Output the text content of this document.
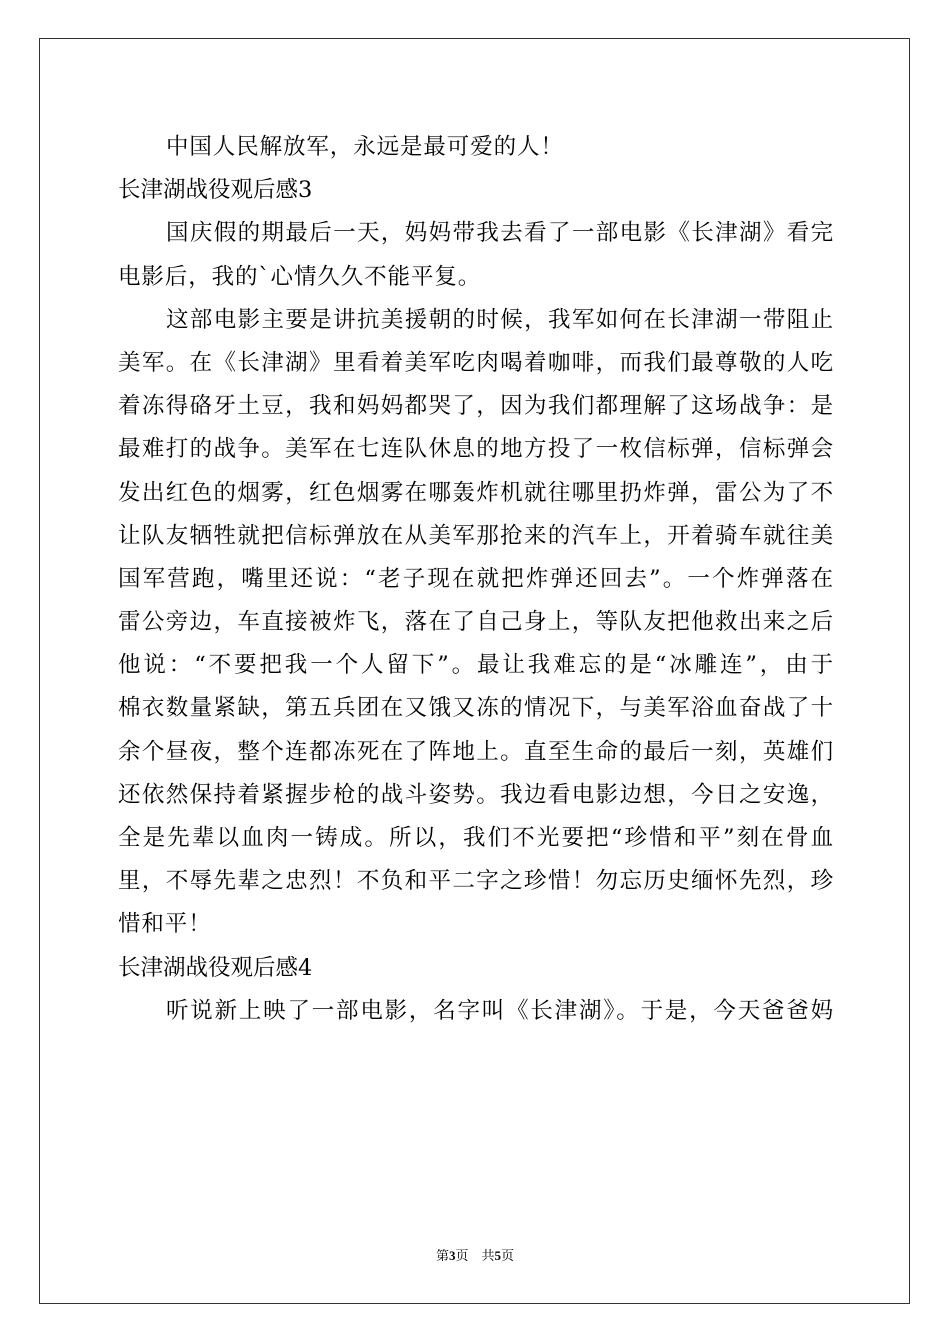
中国人民解放军，永远是最可爱的人！
长津湖战役观后感3
国庆假的期最后一天，妈妈带我去看了一部电影《长津湖》看完
电影后，我的`心情久久不能平复。
这部电影主要是讲抗美援朝的时候，我军如何在长津湖一带阻止
美军。在《长津湖》里看着美军吃肉喝着咖啡，而我们最尊敬的人吃
着冻得硌牙土豆，我和妈妈都哭了，因为我们都理解了这场战争：是
最难打的战争。美军在七连队休息的地方投了一枚信标弹，信标弹会
发出红色的烟雾，红色烟雾在哪轰炸机就往哪里扔炸弹，雷公为了不
让队友牺牲就把信标弹放在从美军那抢来的汽车上，开着骑车就往美
国军营跑，嘴里还说：“老子现在就把炸弹还回去”。一个炸弹落在
雷公旁边，车直接被炸飞，落在了自己身上，等队友把他救出来之后
他说：“不要把我一个人留下”。最让我难忘的是“冰雕连”，由于
棉衣数量紧缺，第五兵团在又饿又冻的情况下，与美军浴血奋战了十
余个昼夜，整个连都冻死在了阵地上。直至生命的最后一刻，英雄们
还依然保持着紧握步枪的战斗姿势。我边看电影边想，今日之安逸，
全是先辈以血肉一铸成。所以，我们不光要把“珍惜和平”刻在骨血
里，不辱先辈之忠烈！不负和平二字之珍惜！勿忘历史缅怀先烈，珍
惜和平！
长津湖战役观后感4
听说新上映了一部电影，名字叫《长津湖》。于是，今天爸爸妈
第3页　共5页
